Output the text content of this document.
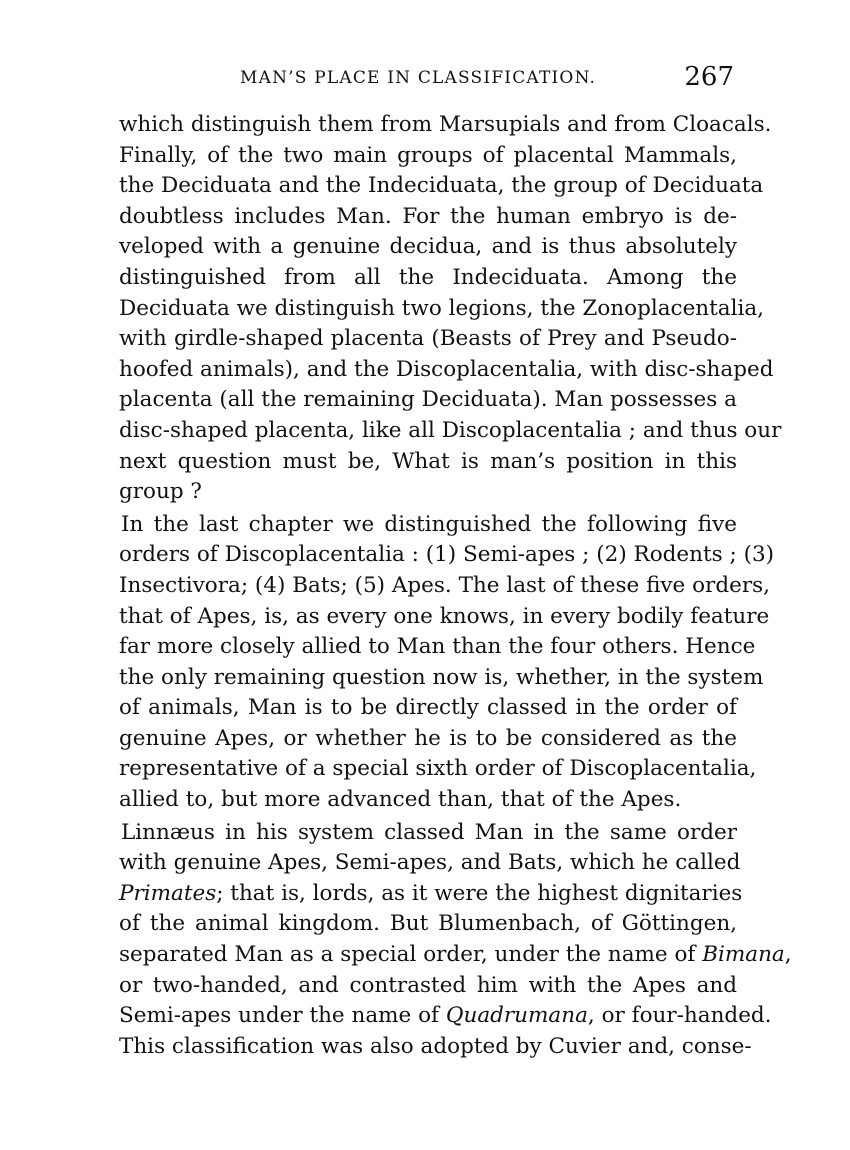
MAN’S PLACE IN CLASSIFICATION.	267
which distinguish them from Marsupials and from Cloacals.
Finally, of the two main groups of placental Mammals,
the Deciduata and the Indeciduata, the group of Deciduata
doubtless includes Man. For the human embryo is de-
veloped with a genuine decidua, and is thus absolutely
distinguished from all the Indeciduata. Among the
Deciduata we distinguish two legions, the Zonoplacentalia,
with girdle-shaped placenta (Beasts of Prey and Pseudo-
hoofed animals), and the Discoplacentalia, with disc-shaped
placenta (all the remaining Deciduata). Man possesses a
disc-shaped placenta, like all Discoplacentalia ; and thus our
next question must be, What is man’s position in this
group ?
In the last chapter we distinguished the following five
orders of Discoplacentalia : (1) Semi-apes ; (2) Rodents ; (3)
Insectivora; (4) Bats; (5) Apes. The last of these five orders,
that of Apes, is, as every one knows, in every bodily feature
far more closely allied to Man than the four others. Hence
the only remaining question now is, whether, in the system
of animals, Man is to be directly classed in the order of
genuine Apes, or whether he is to be considered as the
representative of a special sixth order of Discoplacentalia,
allied to, but more advanced than, that of the Apes.
Linnæus in his system classed Man in the same order
with genuine Apes, Semi-apes, and Bats, which he called
Primates; that is, lords, as it were the highest dignitaries
of the animal kingdom. But Blumenbach, of Göttingen,
separated Man as a special order, under the name of Bimana,
or two-handed, and contrasted him with the Apes and
Semi-apes under the name of Quadrumana, or four-handed.
This classification was also adopted by Cuvier and, conse-
